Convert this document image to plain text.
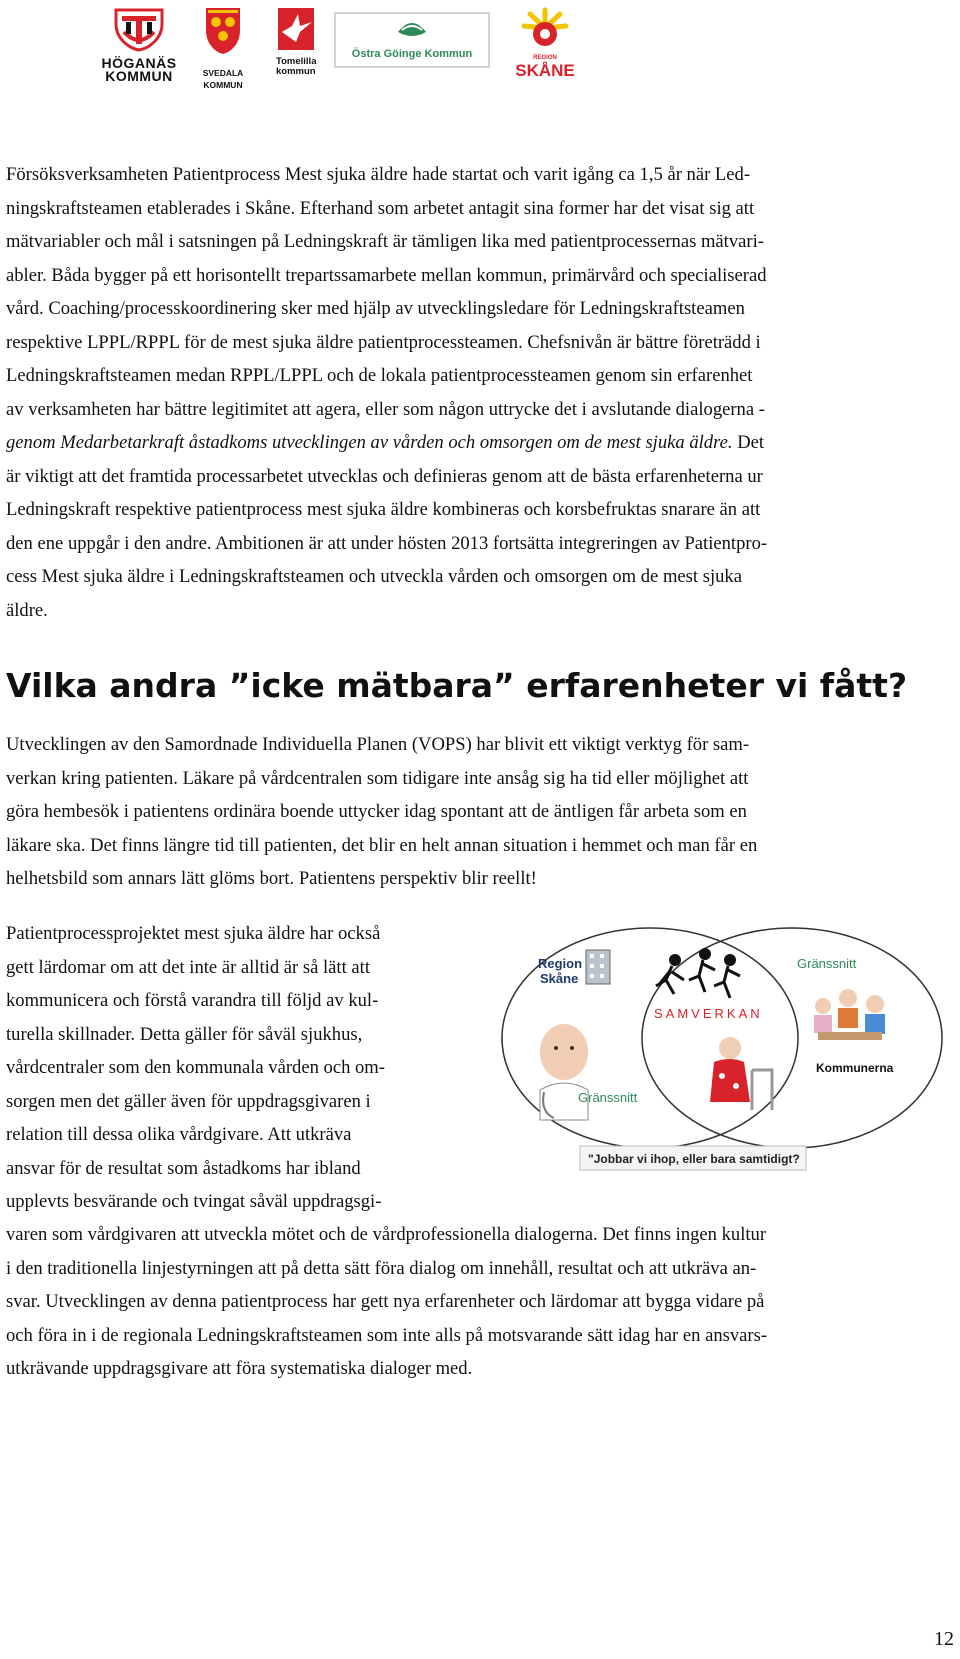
HÖGANÄS
KOMMUN	SVEDALA KOMMUN
Tomelilla
kommun
Östra Göinge Kommun	REGION
SKÅNE
Försöksverksamheten Patientprocess Mest sjuka äldre hade startat och varit igång ca 1,5 år när Led-
ningskraftsteamen etablerades i Skåne. Efterhand som arbetet antagit sina former har det visat sig att
mätvariabler och mål i satsningen på Ledningskraft är tämligen lika med patientprocessernas mätvari-
abler. Båda bygger på ett horisontellt trepartssamarbete mellan kommun, primärvård och specialiserad
vård. Coaching/processkoordinering sker med hjälp av utvecklingsledare för Ledningskraftsteamen
respektive LPPL/RPPL för de mest sjuka äldre patientprocessteamen. Chefsnivån är bättre företrädd i
Ledningskraftsteamen medan RPPL/LPPL och de lokala patientprocessteamen genom sin erfarenhet
av verksamheten har bättre legitimitet att agera, eller som någon uttrycke det i avslutande dialogerna -
genom Medarbetarkraft åstadkoms utvecklingen av vården och omsorgen om de mest sjuka äldre. Det
är viktigt att det framtida processarbetet utvecklas och definieras genom att de bästa erfarenheterna ur
Ledningskraft respektive patientprocess mest sjuka äldre kombineras och korsbefruktas snarare än att
den ene uppgår i den andre. Ambitionen är att under hösten 2013 fortsätta integreringen av Patientpro-
cess Mest sjuka äldre i Ledningskraftsteamen och utveckla vården och omsorgen om de mest sjuka
äldre.
Vilka andra ”icke mätbara” erfarenheter vi fått?
Utvecklingen av den Samordnade Individuella Planen (VOPS) har blivit ett viktigt verktyg för sam-
verkan kring patienten. Läkare på vårdcentralen som tidigare inte ansåg sig ha tid eller möjlighet att
göra hembesök i patientens ordinära boende uttycker idag spontant att de äntligen får arbeta som en
läkare ska. Det finns längre tid till patienten, det blir en helt annan situation i hemmet och man får en
helhetsbild som annars lätt glöms bort. Patientens perspektiv blir reellt!
Patientprocessprojektet mest sjuka äldre har också
gett lärdomar om att det inte är alltid är så lätt att
kommunicera och förstå varandra till följd av kul-
turella skillnader. Detta gäller för såväl sjukhus,
vårdcentraler som den kommunala vården och om-
sorgen men det gäller även för uppdragsgivaren i
relation till dessa olika vårdgivare. Att utkräva
ansvar för de resultat som åstadkoms har ibland
upplevts besvärande och tvingat såväl uppdragsgi-
varen som vårdgivaren att utveckla mötet och de vårdprofessionella dialogerna. Det finns ingen kultur
i den traditionella linjestyrningen att på detta sätt föra dialog om innehåll, resultat och att utkräva an-
svar. Utvecklingen av denna patientprocess har gett nya erfarenheter och lärdomar att bygga vidare på
och föra in i de regionala Ledningskraftsteamen som inte alls på motsvarande sätt idag har en ansvars-
utkrävande uppdragsgivare att föra systematiska dialoger med.
Region
Skåne
Gränssnitt
SAMVERKAN
Kommunerna
Gränssnitt
"Jobbar vi ihop, eller bara samtidigt?
12
